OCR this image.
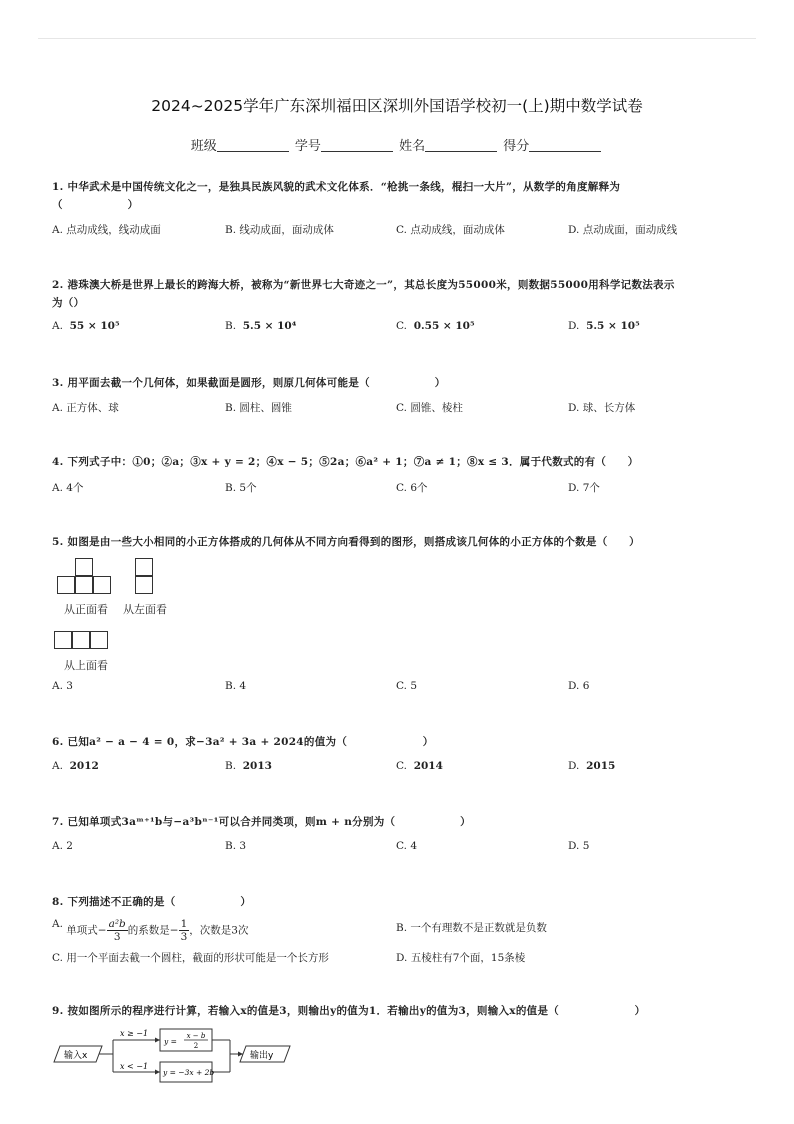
2024~2025学年广东深圳福田区深圳外国语学校初一(上)期中数学试卷
班级	学号	姓名	得分
1. 中华武术是中国传统文化之一，是独具民族风貌的武术文化体系．“枪挑一条线，棍扫一大片”，从数学的角度解释为
（　　　　　　）
A. 点动成线，线动成面	B. 线动成面，面动成体	C. 点动成线，面动成体	D. 点动成面，面动成线
2. 港珠澳大桥是世界上最长的跨海大桥，被称为“新世界七大奇迹之一”，其总长度为55000米，则数据55000用科学记数法表示
为（）
A. 55 × 10⁵	B. 5.5 × 10⁴	C. 0.55 × 10⁵	D. 5.5 × 10⁵
3. 用平面去截一个几何体，如果截面是圆形，则原几何体可能是（　　　　　　）
A. 正方体、球	B. 圆柱、圆锥	C. 圆锥、棱柱	D. 球、长方体
4. 下列式子中：①0；②a；③x + y = 2；④x − 5；⑤2a；⑥a² + 1；⑦a ≠ 1；⑧x ≤ 3．属于代数式的有（　　）
A. 4个	B. 5个	C. 6个	D. 7个
5. 如图是由一些大小相同的小正方体搭成的几何体从不同方向看得到的图形，则搭成该几何体的小正方体的个数是（　　）
从正面看 从左面看
从上面看
A. 3	B. 4	C. 5	D. 6
6. 已知a² − a − 4 = 0，求−3a² + 3a + 2024的值为（　　　　　　　）
A. 2012	B. 2013	C. 2014	D. 2015
7. 已知单项式3aᵐ⁺¹b与−a³bⁿ⁻¹可以合并同类项，则m + n分别为（　　　　　　）
A. 2	B. 3	C. 4	D. 5
8. 下列描述不正确的是（　　　　　　）
A. 单项式− $\frac{\text{a²b}}{3}$ 的系数是− $\frac{1}{3}$ ，次数是3次	B. 一个有理数不是正数就是负数
C. 用一个平面去截一个圆柱，截面的形状可能是一个长方形	D. 五棱柱有7个面，15条棱
9. 按如图所示的程序进行计算，若输入x的值是3，则输出y的值为1．若输出y的值为3，则输入x的值是（　　　　　　　）
输入x	输出y
x ≥ −1
x < −1
y =
x − b
2
y = −3x + 2b
